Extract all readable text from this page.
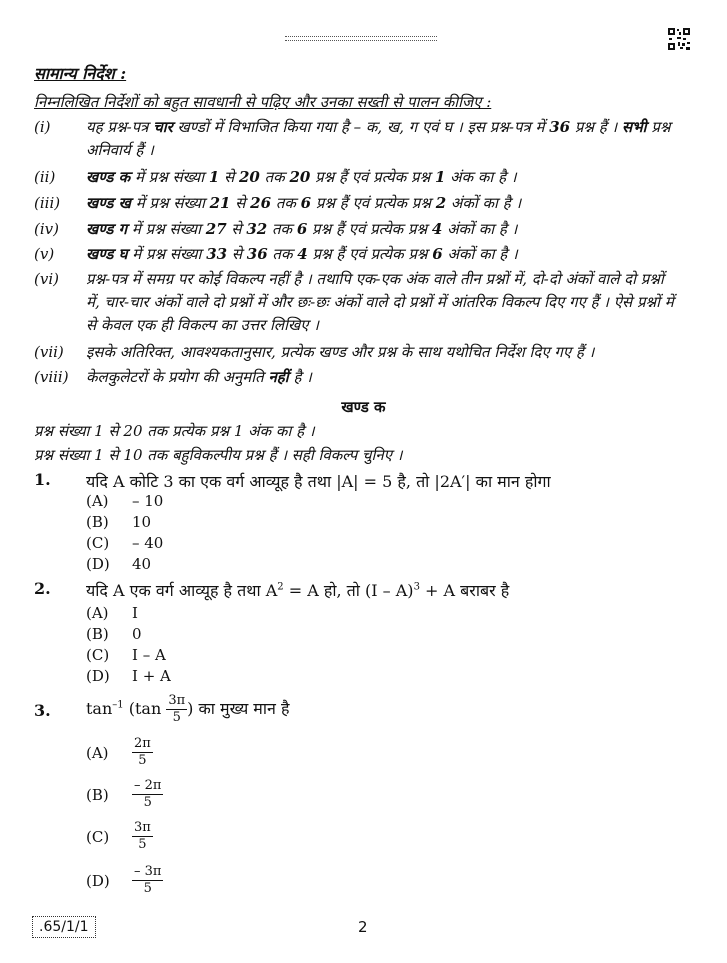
सामान्य निर्देश :
निम्नलिखित निर्देशों को बहुत सावधानी से पढ़िए और उनका सख्ती से पालन कीजिए :
(i)	यह प्रश्न-पत्र चार खण्डों में विभाजित किया गया है – क, ख, ग एवं घ । इस प्रश्न-पत्र में 36 प्रश्न हैं । सभी प्रश्न अनिवार्य हैं ।
(ii)	खण्ड क में प्रश्न संख्या 1 से 20 तक 20 प्रश्न हैं एवं प्रत्येक प्रश्न 1 अंक का है ।
(iii)	खण्ड ख में प्रश्न संख्या 21 से 26 तक 6 प्रश्न हैं एवं प्रत्येक प्रश्न 2 अंकों का है ।
(iv)	खण्ड ग में प्रश्न संख्या 27 से 32 तक 6 प्रश्न हैं एवं प्रत्येक प्रश्न 4 अंकों का है ।
(v)	खण्ड घ में प्रश्न संख्या 33 से 36 तक 4 प्रश्न हैं एवं प्रत्येक प्रश्न 6 अंकों का है ।
(vi)	प्रश्न-पत्र में समग्र पर कोई विकल्प नहीं है । तथापि एक-एक अंक वाले तीन प्रश्नों में, दो-दो अंकों वाले दो प्रश्नों में, चार-चार अंकों वाले दो प्रश्नों में और छः-छः अंकों वाले दो प्रश्नों में आंतरिक विकल्प दिए गए हैं । ऐसे प्रश्नों में से केवल एक ही विकल्प का उत्तर लिखिए ।
(vii)	इसके अतिरिक्त, आवश्यकतानुसार, प्रत्येक खण्ड और प्रश्न के साथ यथोचित निर्देश दिए गए हैं ।
(viii)	केलकुलेटरों के प्रयोग की अनुमति नहीं है ।
खण्ड क
प्रश्न संख्या 1 से 20 तक प्रत्येक प्रश्न 1 अंक का है ।
प्रश्न संख्या 1 से 10 तक बहुविकल्पीय प्रश्न हैं । सही विकल्प चुनिए ।
1. यदि A कोटि 3 का एक वर्ग आव्यूह है तथा |A| = 5 है, तो |2A′| का मान होगा
(A) – 10
(B) 10
(C) – 40
(D) 40
2. यदि A एक वर्ग आव्यूह है तथा $A^2 = A$ हो, तो (I – A)$^3$ + A बराबर है
(A) I
(B) 0
(C) I – A
(D) I + A
3. $\tan^{-1} (\tan \frac{3\pi}{5}$ ) का मुख्य मान है
$(A) \frac{2\pi}{5}$
$(B) \frac{- 2\pi}{5}$
$(C) \frac{3\pi}{5}$
$(D) \frac{- 3\pi}{5}$
.65/1/1	2
